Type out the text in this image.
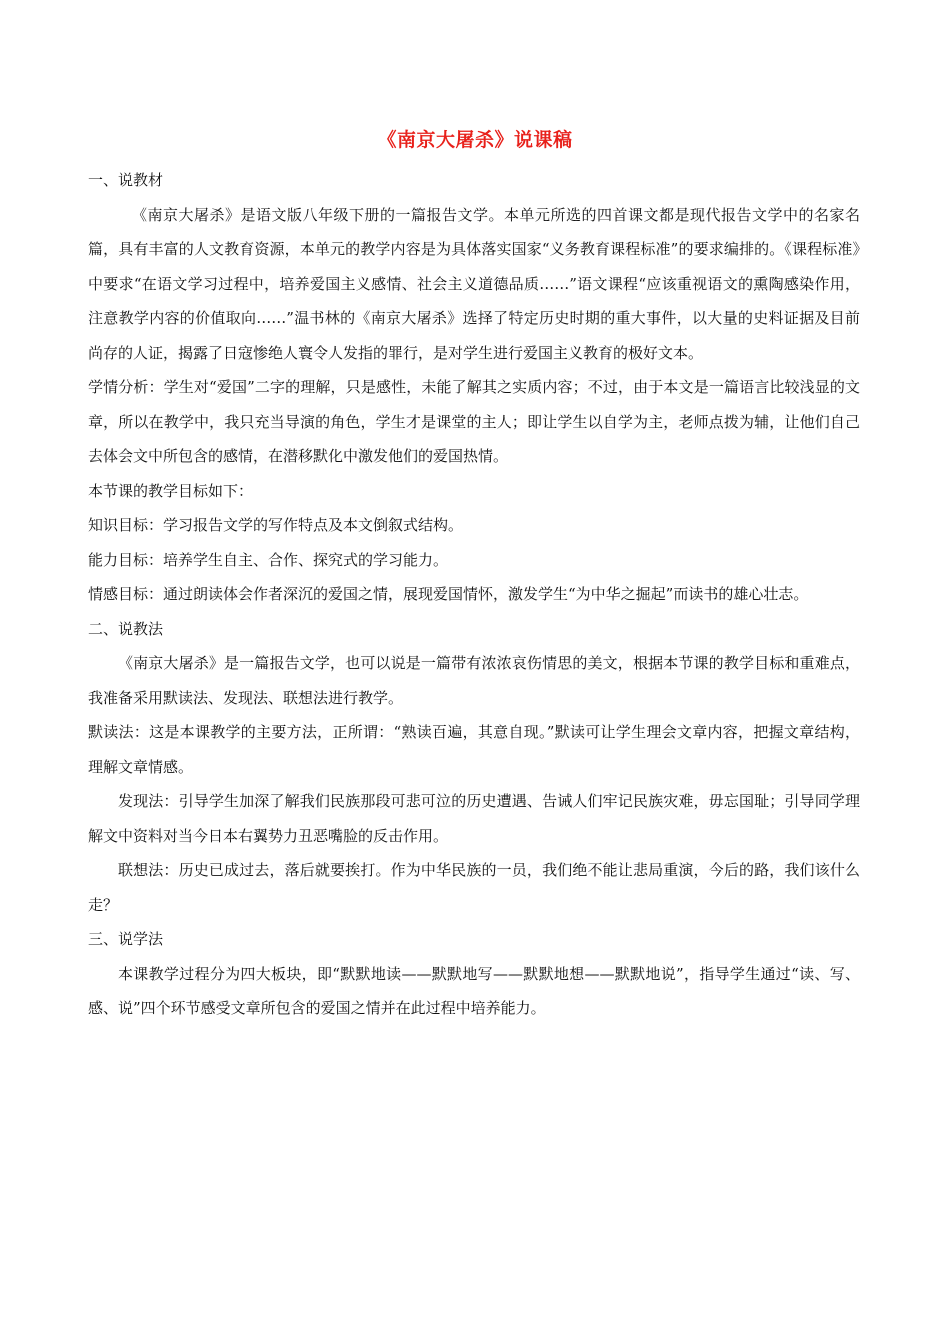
《南京大屠杀》说课稿

一、说教材

《南京大屠杀》是语文版八年级下册的一篇报告文学。本单元所选的四首课文都是现代报告文学中的名家名篇，具有丰富的人文教育资源，本单元的教学内容是为具体落实国家“义务教育课程标准”的要求编排的。《课程标准》中要求“在语文学习过程中，培养爱国主义感情、社会主义道德品质……”语文课程“应该重视语文的熏陶感染作用，注意教学内容的价值取向……”温书林的《南京大屠杀》选择了特定历史时期的重大事件，以大量的史料证据及目前尚存的人证，揭露了日寇惨绝人寰令人发指的罪行，是对学生进行爱国主义教育的极好文本。

学情分析：学生对“爱国”二字的理解，只是感性，未能了解其之实质内容；不过，由于本文是一篇语言比较浅显的文章，所以在教学中，我只充当导演的角色，学生才是课堂的主人；即让学生以自学为主，老师点拨为辅，让他们自己去体会文中所包含的感情，在潜移默化中激发他们的爱国热情。

本节课的教学目标如下：

知识目标：学习报告文学的写作特点及本文倒叙式结构。

能力目标：培养学生自主、合作、探究式的学习能力。

情感目标：通过朗读体会作者深沉的爱国之情，展现爱国情怀，激发学生“为中华之掘起”而读书的雄心壮志。

二、说教法

《南京大屠杀》是一篇报告文学，也可以说是一篇带有浓浓哀伤情思的美文，根据本节课的教学目标和重难点，我准备采用默读法、发现法、联想法进行教学。

默读法：这是本课教学的主要方法，正所谓：“熟读百遍，其意自现。”默读可让学生理会文章内容，把握文章结构，理解文章情感。

发现法：引导学生加深了解我们民族那段可悲可泣的历史遭遇、告诫人们牢记民族灾难，毋忘国耻；引导同学理解文中资料对当今日本右翼势力丑恶嘴脸的反击作用。

联想法：历史已成过去，落后就要挨打。作为中华民族的一员，我们绝不能让悲局重演，今后的路，我们该什么走？

三、说学法

本课教学过程分为四大板块，即“默默地读——默默地写——默默地想——默默地说”，指导学生通过“读、写、感、说”四个环节感受文章所包含的爱国之情并在此过程中培养能力。
